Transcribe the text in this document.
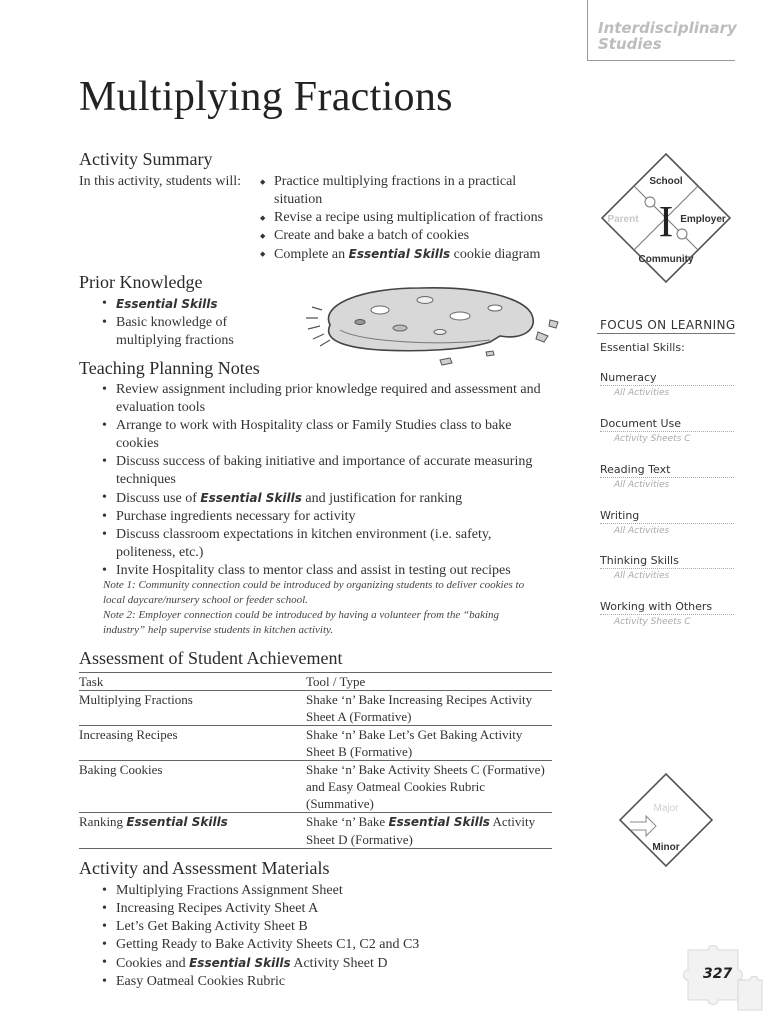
Interdisciplinary
Studies
Multiplying Fractions
Activity Summary
In this activity, students will:
◆	Practice multiplying fractions in a practical
situation
◆ Revise a recipe using multiplication of fractions
◆ Create and bake a batch of cookies
◆ Complete an Essential Skills cookie diagram
Prior Knowledge
• Essential Skills
• Basic knowledge of
multiplying fractions
Teaching Planning Notes
• Review assignment including prior knowledge required and assessment and
evaluation tools
• Arrange to work with Hospitality class or Family Studies class to bake
cookies
• Discuss success of baking initiative and importance of accurate measuring
techniques
• Discuss use of Essential Skills and justification for ranking
• Purchase ingredients necessary for activity
• Discuss classroom expectations in kitchen environment (i.e. safety,
politeness, etc.)
• Invite Hospitality class to mentor class and assist in testing out recipes
Note 1: Community connection could be introduced by organizing students to deliver cookies to
local daycare/nursery school or feeder school.
Note 2: Employer connection could be introduced by having a volunteer from the “baking
industry” help supervise students in kitchen activity.
Assessment of Student Achievement
Task	Tool / Type
Multiplying Fractions	Shake ‘n’ Bake Increasing Recipes Activity
Sheet A (Formative)
Increasing Recipes	Shake ‘n’ Bake Let’s Get Baking Activity
Sheet B (Formative)
Baking Cookies	Shake ‘n’ Bake Activity Sheets C (Formative)
and Easy Oatmeal Cookies Rubric
(Summative)
Ranking Essential Skills	Shake ‘n’ Bake Essential Skills Activity
Sheet D (Formative)
Activity and Assessment Materials
• Multiplying Fractions Assignment Sheet
• Increasing Recipes Activity Sheet A
• Let’s Get Baking Activity Sheet B
• Getting Ready to Bake Activity Sheets C1, C2 and C3
• Cookies and Essential Skills Activity Sheet D
• Easy Oatmeal Cookies Rubric
School
Parent	Employer
Community
I
FOCUS ON LEARNING
Essential Skills:
Numeracy
All Activities
Document Use
Activity Sheets C
Reading Text
All Activities
Writing
All Activities
Thinking Skills
All Activities
Working with Others
Activity Sheets C
Major
Minor
327
